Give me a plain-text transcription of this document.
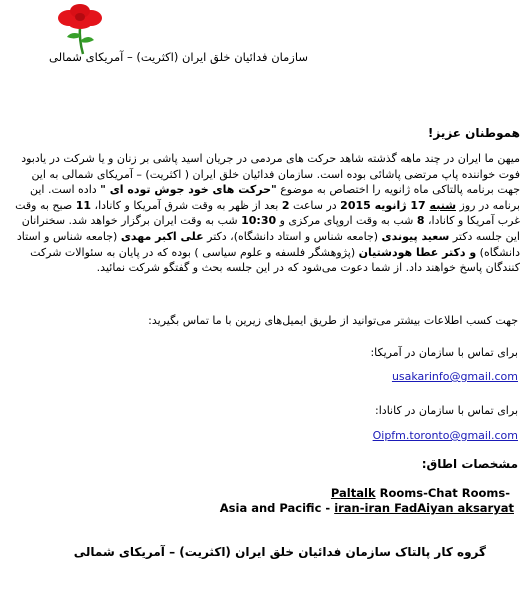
سازمان فدائیان خلق ایران (اکثریت) – آمریکای شمالی
هموطنان عزیز!
میهن ما ایران در چند ماهه گذشته شاهد حرکت های مردمی در جریان اسید پاشی بر زنان و یا شرکت در یادبود فوت خواننده پاپ مرتضی پاشائی بوده است. سازمان فدائیان خلق ایران ( اکثریت) – آمریکای شمالی به این جهت برنامه پالتاکی ماه ژانویه را اختصاص به موضوع "حرکت های خود جوش توده ای " داده است. این برنامه در روز شنبه 17 ژانویه 2015 در ساعت 2 بعد از ظهر به وقت شرق آمریکا و کانادا، 11 صبح به وقت غرب آمریکا و کانادا، 8 شب به وقت اروپای مرکزی و 10:30 شب به وقت ایران برگزار خواهد شد. سخنرانان این جلسه دکتر سعید پیوندی (جامعه شناس و استاد دانشگاه)، دکتر علی اکبر مهدی (جامعه شناس و استاد دانشگاه) و دکتر عطا هودشتیان (پژوهشگر فلسفه و علوم سیاسی ) بوده که در پایان به سئوالات شرکت کنندگان پاسخ خواهند داد. از شما دعوت می‌شود که در این جلسه بحث و گفتگو شرکت نمائید.
جهت کسب اطلاعات بیشتر می‌توانید از طریق ایمیل‌های زیرین با ما تماس بگیرید:
برای تماس با سازمان در آمریکا:
usakarinfo@gmail.com
برای تماس با سازمان در کانادا:
Oipfm.toronto@gmail.com
مشخصات اطاق:
Paltalk Rooms-Chat Rooms-
Asia and Pacific - iran-iran FadAiyan aksaryat
گروه کار پالتاک سازمان فدائیان خلق ایران (اکثریت) – آمریکای شمالی
